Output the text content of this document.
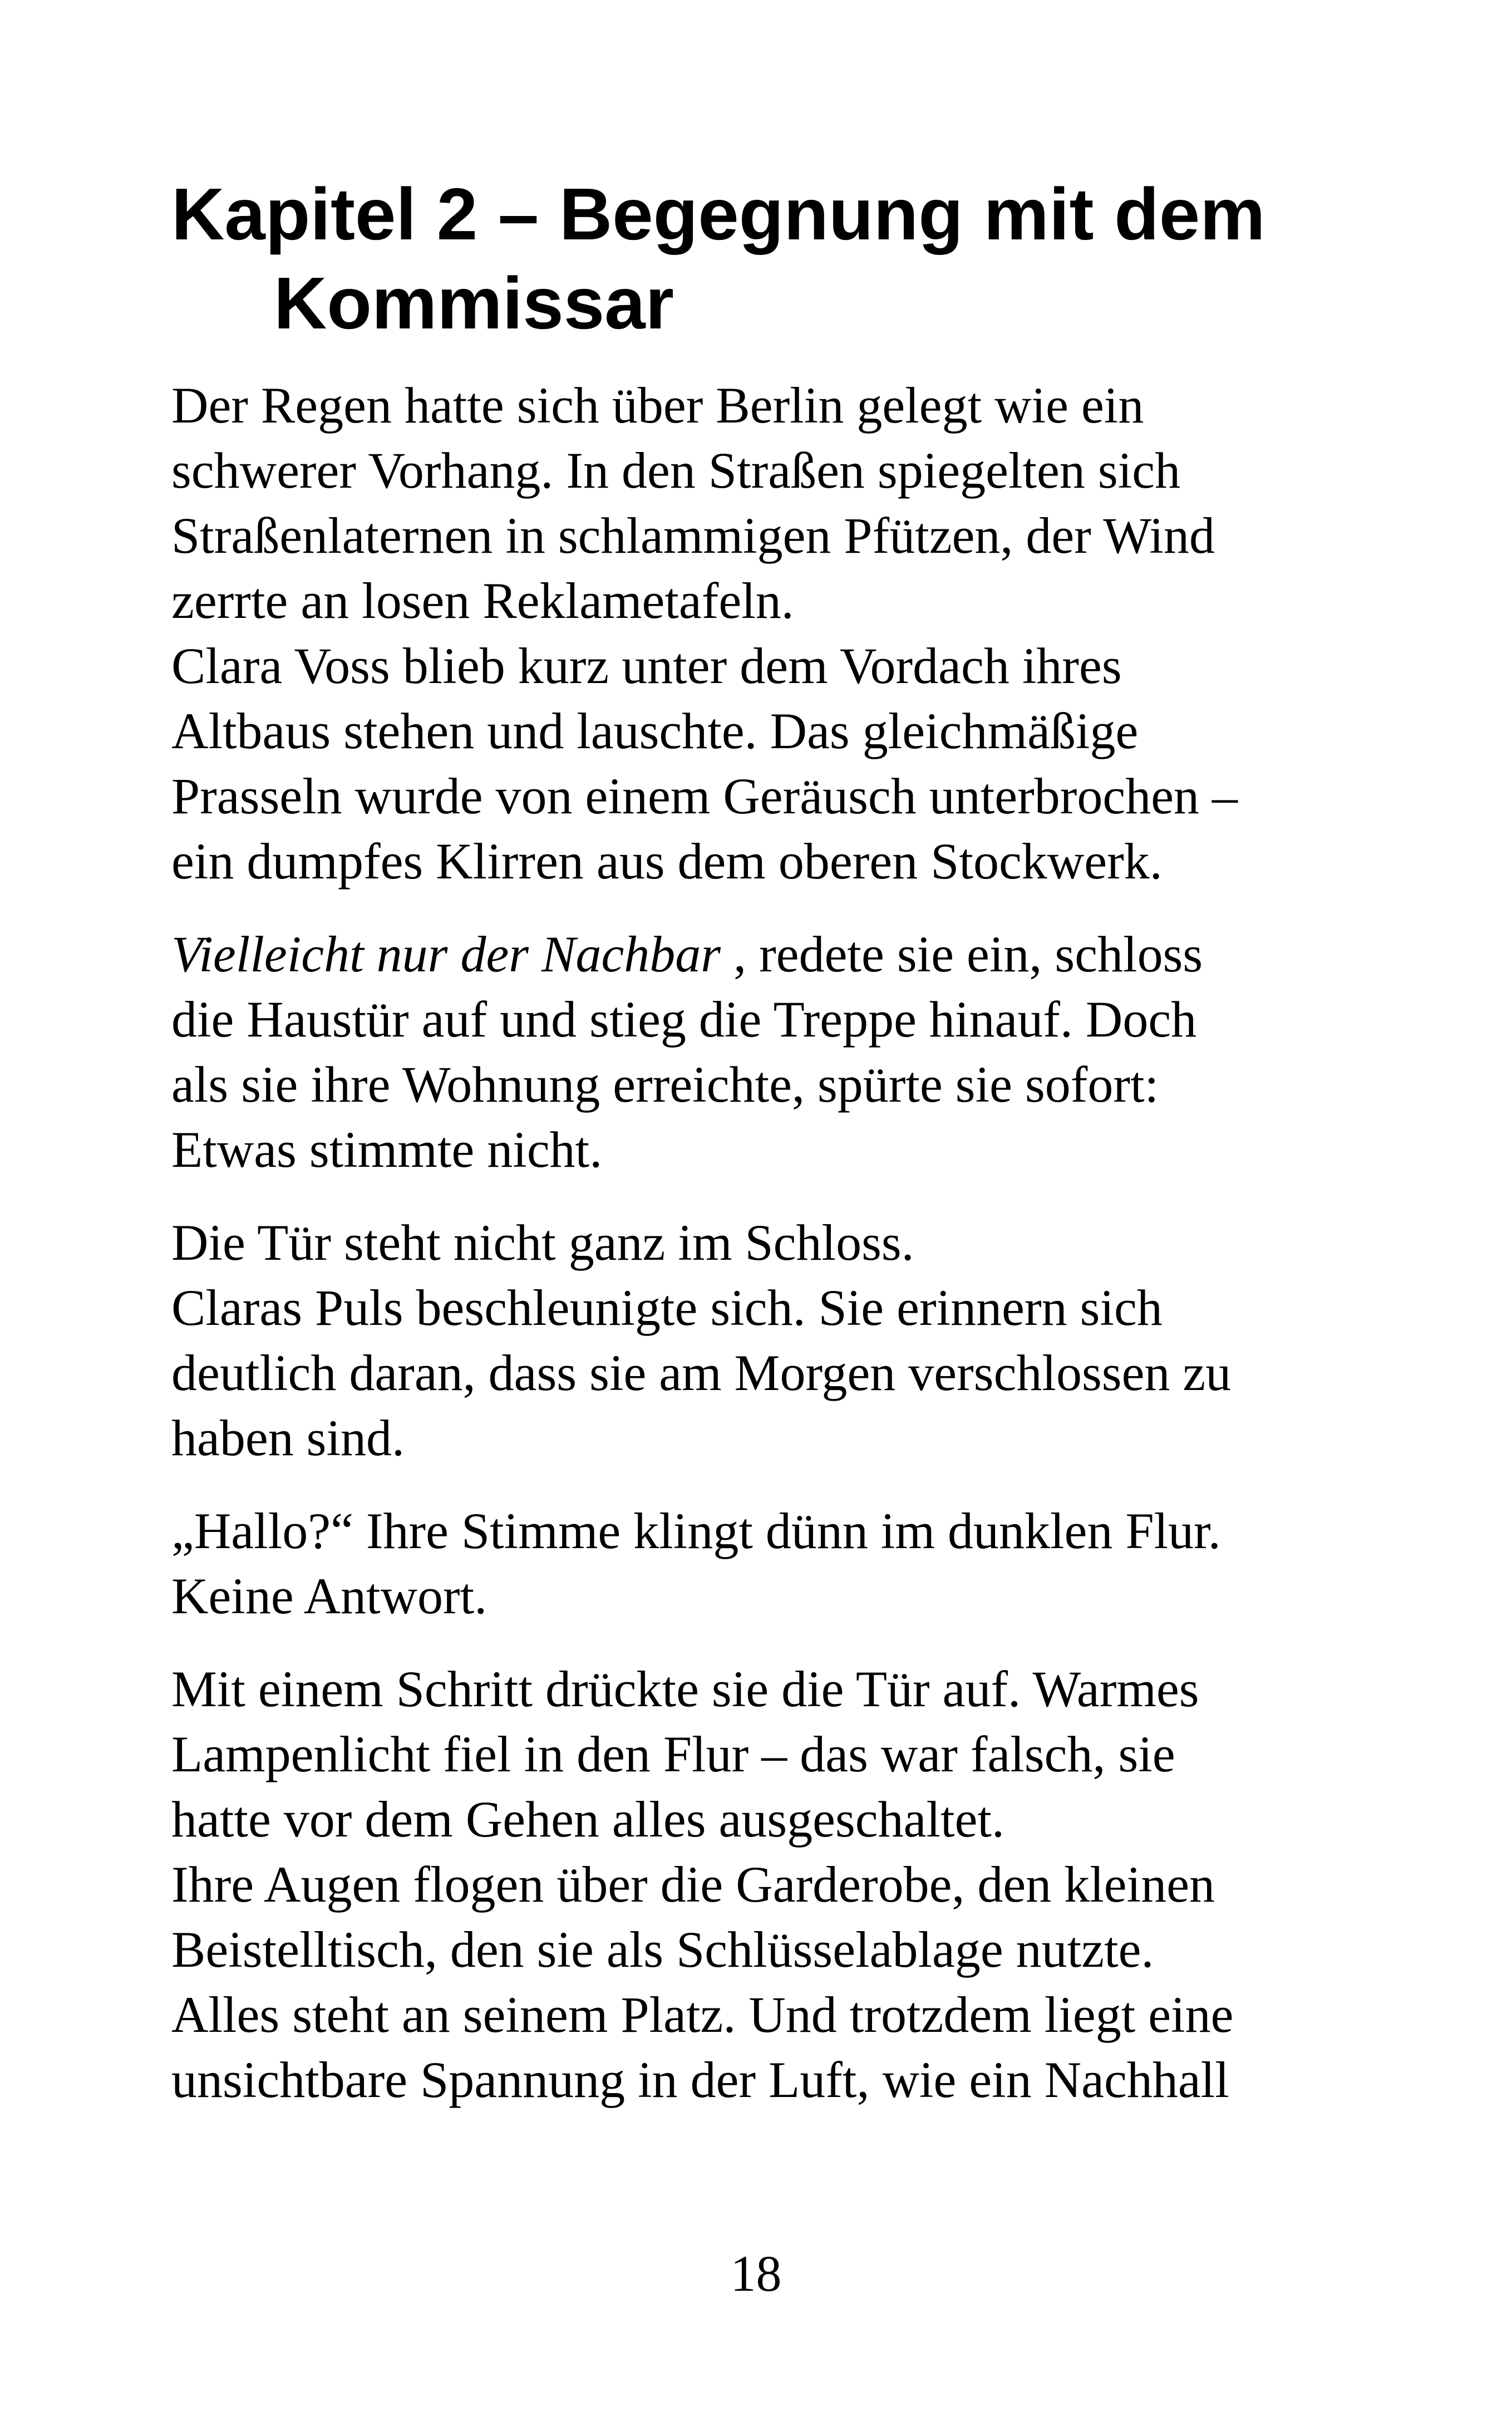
Kapitel 2 – Begegnung mit dem
Kommissar

Der Regen hatte sich über Berlin gelegt wie ein
schwerer Vorhang. In den Straßen spiegelten sich
Straßenlaternen in schlammigen Pfützen, der Wind
zerrte an losen Reklametafeln.
Clara Voss blieb kurz unter dem Vordach ihres
Altbaus stehen und lauschte. Das gleichmäßige
Prasseln wurde von einem Geräusch unterbrochen –
ein dumpfes Klirren aus dem oberen Stockwerk.

Vielleicht nur der Nachbar , redete sie ein, schloss
die Haustür auf und stieg die Treppe hinauf. Doch
als sie ihre Wohnung erreichte, spürte sie sofort:
Etwas stimmte nicht.

Die Tür steht nicht ganz im Schloss.
Claras Puls beschleunigte sich. Sie erinnern sich
deutlich daran, dass sie am Morgen verschlossen zu
haben sind.

„Hallo?“ Ihre Stimme klingt dünn im dunklen Flur.
Keine Antwort.

Mit einem Schritt drückte sie die Tür auf. Warmes
Lampenlicht fiel in den Flur – das war falsch, sie
hatte vor dem Gehen alles ausgeschaltet.
Ihre Augen flogen über die Garderobe, den kleinen
Beistelltisch, den sie als Schlüsselablage nutzte.
Alles steht an seinem Platz. Und trotzdem liegt eine
unsichtbare Spannung in der Luft, wie ein Nachhall

18
